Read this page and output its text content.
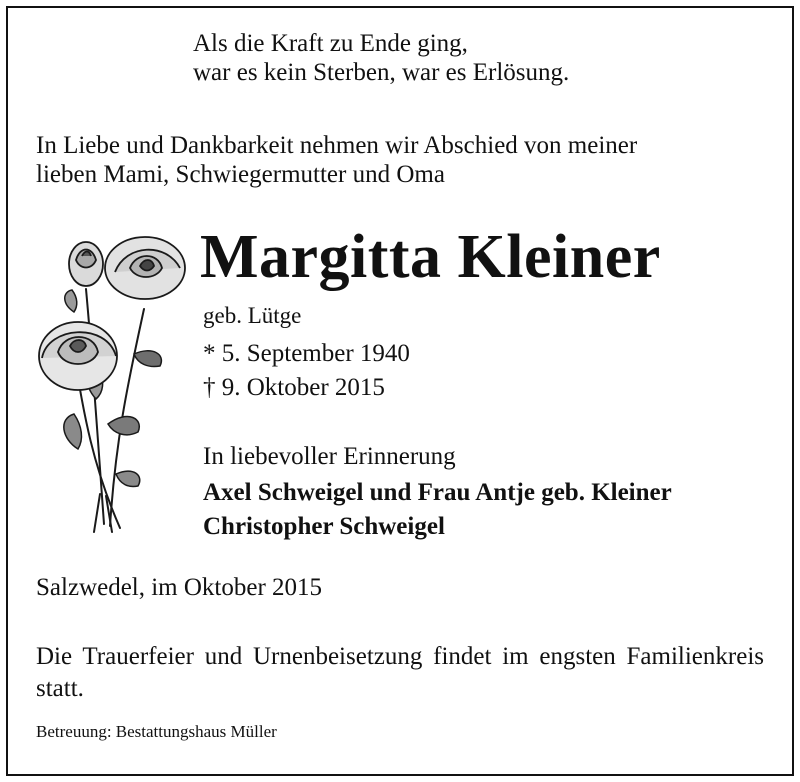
Als die Kraft zu Ende ging,
war es kein Sterben, war es Erlösung.
In Liebe und Dankbarkeit nehmen wir Abschied von meiner
lieben Mami, Schwiegermutter und Oma
Margitta Kleiner
geb. Lütge
* 5. September 1940
† 9. Oktober 2015
In liebevoller Erinnerung
Axel Schweigel und Frau Antje geb. Kleiner
Christopher Schweigel
Salzwedel, im Oktober 2015
Die Trauerfeier und Urnenbeisetzung findet im engsten Familienkreis statt.
Betreuung: Bestattungshaus Müller
